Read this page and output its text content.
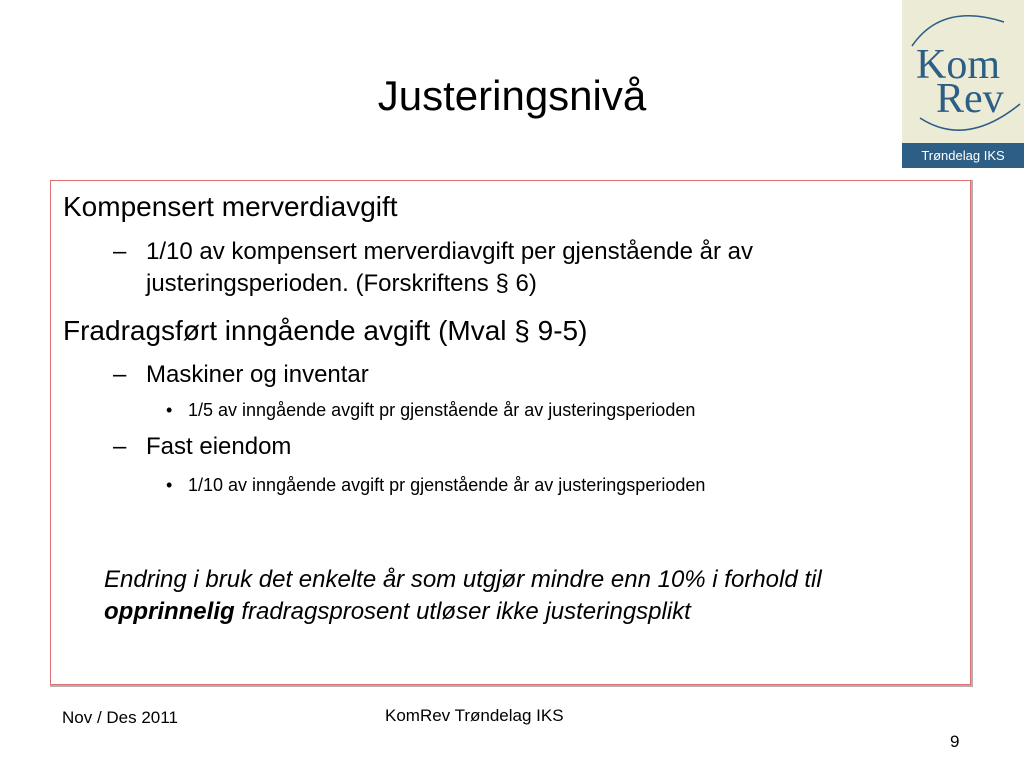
Justeringsnivå
Kom
Rev
Trøndelag IKS
Kompensert merverdiavgift
– 1/10 av kompensert merverdiavgift per gjenstående år av
justeringsperioden. (Forskriftens § 6)
Fradragsført inngående avgift (Mval § 9-5)
– Maskiner og inventar
• 1/5 av inngående avgift pr gjenstående år av justeringsperioden
– Fast eiendom
• 1/10 av inngående avgift pr gjenstående år av justeringsperioden
Endring i bruk det enkelte år som utgjør mindre enn 10% i forhold til
opprinnelig fradragsprosent utløser ikke justeringsplikt
Nov / Des 2011	KomRev Trøndelag IKS
9
